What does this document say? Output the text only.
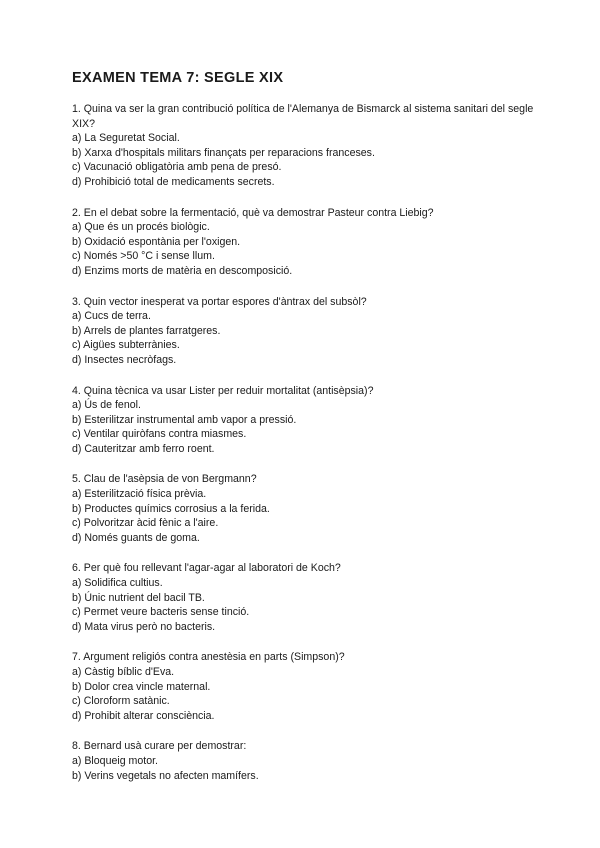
EXAMEN TEMA 7: SEGLE XIX

1. Quina va ser la gran contribució política de l'Alemanya de Bismarck al sistema sanitari del segle XIX?

a) La Seguretat Social.

b) Xarxa d'hospitals militars finançats per reparacions franceses.

c) Vacunació obligatòria amb pena de presó.

d) Prohibició total de medicaments secrets.

2. En el debat sobre la fermentació, què va demostrar Pasteur contra Liebig?

a) Que és un procés biològic.

b) Oxidació espontània per l'oxigen.

c) Només >50 °C i sense llum.

d) Enzims morts de matèria en descomposició.

3. Quin vector inesperat va portar espores d'àntrax del subsòl?

a) Cucs de terra.

b) Arrels de plantes farratgeres.

c) Aigües subterrànies.

d) Insectes necròfags.

4. Quina tècnica va usar Lister per reduir mortalitat (antisèpsia)?

a) Ús de fenol.

b) Esterilitzar instrumental amb vapor a pressió.

c) Ventilar quiròfans contra miasmes.

d) Cauteritzar amb ferro roent.

5. Clau de l'asèpsia de von Bergmann?

a) Esterilització física prèvia.

b) Productes químics corrosius a la ferida.

c) Polvoritzar àcid fènic a l'aire.

d) Només guants de goma.

6. Per què fou rellevant l'agar-agar al laboratori de Koch?

a) Solidifica cultius.

b) Únic nutrient del bacil TB.

c) Permet veure bacteris sense tinció.

d) Mata virus però no bacteris.

7. Argument religiós contra anestèsia en parts (Simpson)?

a) Càstig bíblic d'Eva.

b) Dolor crea vincle maternal.

c) Cloroform satànic.

d) Prohibit alterar consciència.

8. Bernard usà curare per demostrar:

a) Bloqueig motor.

b) Verins vegetals no afecten mamífers.
